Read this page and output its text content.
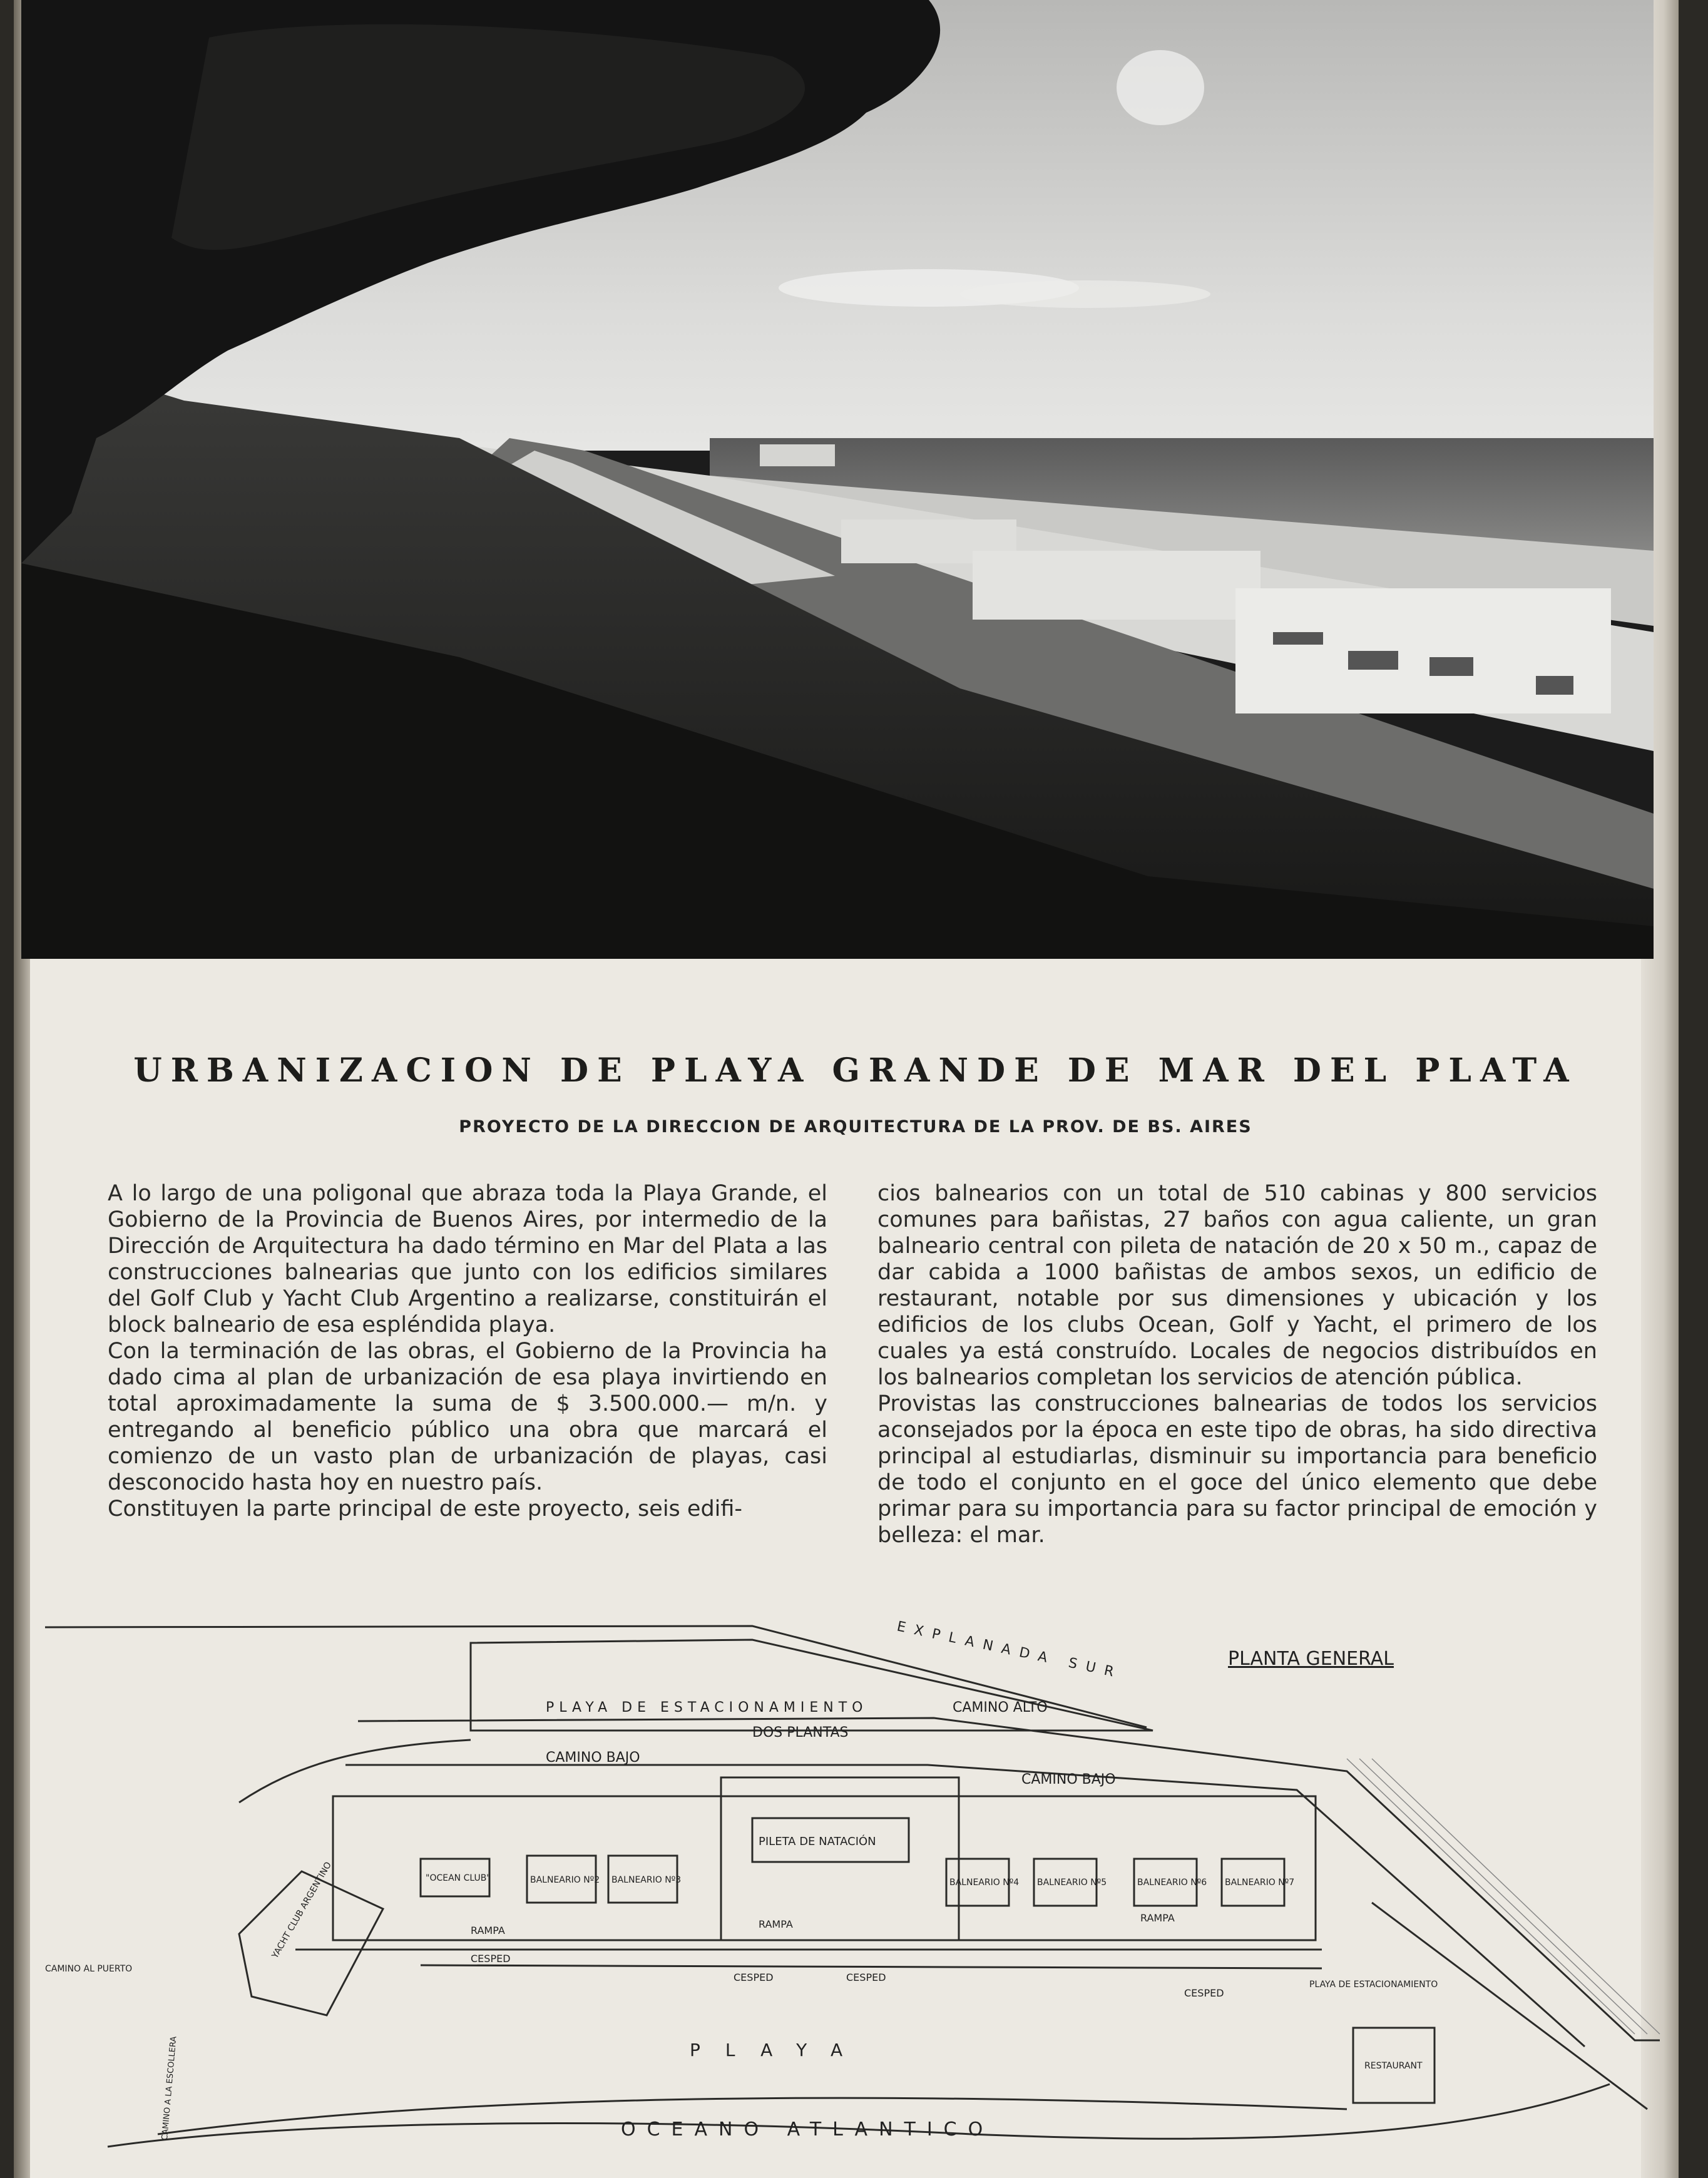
URBANIZACION DE PLAYA GRANDE DE MAR DEL PLATA
PROYECTO DE LA DIRECCION DE ARQUITECTURA DE LA PROV. DE BS. AIRES

A lo largo de una poligonal que abraza toda la Playa Grande, el Gobierno de la Provincia de Buenos Aires, por intermedio de la Dirección de Arquitectura ha dado término en Mar del Plata a las construcciones balnearias que junto con los edificios similares del Golf Club y Yacht Club Argentino a realizarse, constituirán el block balneario de esa espléndida playa.

Con la terminación de las obras, el Gobierno de la Provincia ha dado cima al plan de urbanización de esa playa invirtiendo en total aproximadamente la suma de $ 3.500.000.— m/n. y entregando al beneficio público una obra que marcará el comienzo de un vasto plan de urbanización de playas, casi desconocido hasta hoy en nuestro país.

Constituyen la parte principal de este proyecto, seis edifi-

cios balnearios con un total de 510 cabinas y 800 servicios comunes para bañistas, 27 baños con agua caliente, un gran balneario central con pileta de natación de 20 x 50 m., capaz de dar cabida a 1000 bañistas de ambos sexos, un edificio de restaurant, notable por sus dimensiones y ubicación y los edificios de los clubs Ocean, Golf y Yacht, el primero de los cuales ya está construído. Locales de negocios distribuídos en los balnearios completan los servicios de atención pública.

Provistas las construcciones balnearias de todos los servicios aconsejados por la época en este tipo de obras, ha sido directiva principal al estudiarlas, disminuir su importancia para beneficio de todo el conjunto en el goce del único elemento que debe primar para su importancia para su factor principal de emoción y belleza: el mar.

PLANTA GENERAL
EXPLANADA SUR
PLAYA DE ESTACIONAMIENTO	CAMINO ALTO
DOS PLANTAS
CAMINO BAJO
CAMINO BAJO
PILETA DE NATACIÓN
"OCEAN CLUB"	BALNEARIO Nº2 BALNEARIO Nº3	BALNEARIO Nº4 BALNEARIO Nº5	BALNEARIO Nº6 BALNEARIO Nº7
RAMPA
RAMPA
RAMPA
CESPED
CESPED	CESPED
CESPED
CAMINO AL PUERTO
YACHT CLUB ARGENTINO
PLAYA DE ESTACIONAMIENTO
RESTAURANT
PLAYA
OCEANO ATLANTICO
CAMINO A LA ESCOLLERA
